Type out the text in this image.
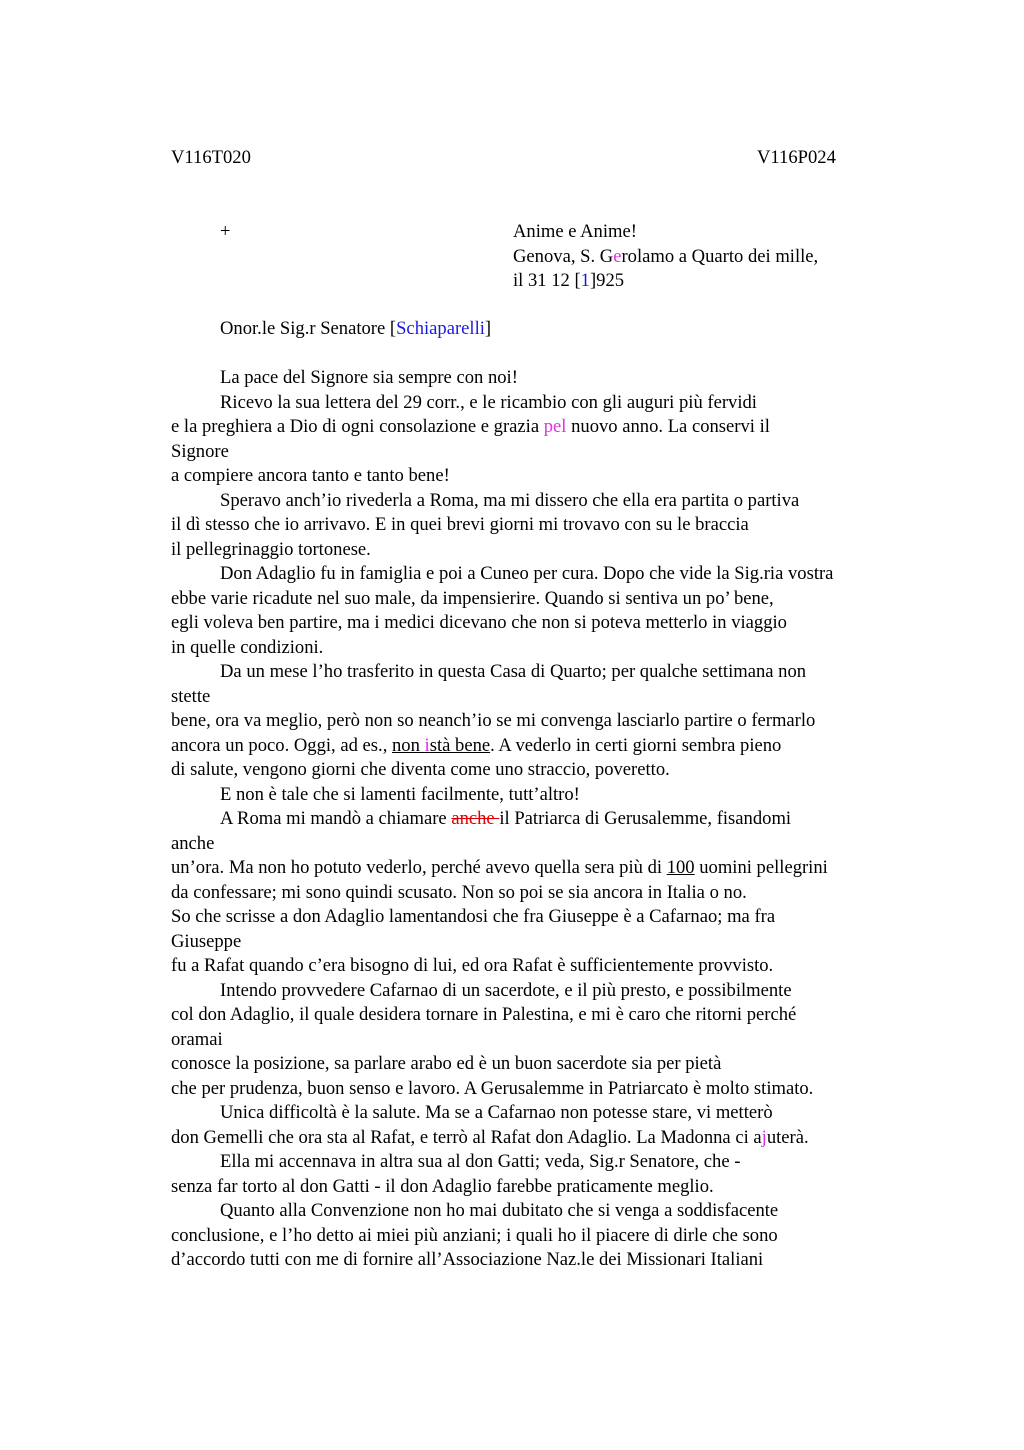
V116T020	V116P024
+	Anime e Anime!
Genova, S. Gerolamo a Quarto dei mille,
il 31 12 [1]925
Onor.le Sig.r Senatore [Schiaparelli]
La pace del Signore sia sempre con noi!
Ricevo la sua lettera del 29 corr., e le ricambio con gli auguri più fervidi
e la preghiera a Dio di ogni consolazione e grazia pel nuovo anno. La conservi il
Signore
a compiere ancora tanto e tanto bene!
Speravo anch’io rivederla a Roma, ma mi dissero che ella era partita o partiva
il dì stesso che io arrivavo. E in quei brevi giorni mi trovavo con su le braccia
il pellegrinaggio tortonese.
Don Adaglio fu in famiglia e poi a Cuneo per cura. Dopo che vide la Sig.ria vostra
ebbe varie ricadute nel suo male, da impensierire. Quando si sentiva un po’ bene,
egli voleva ben partire, ma i medici dicevano che non si poteva metterlo in viaggio
in quelle condizioni.
Da un mese l’ho trasferito in questa Casa di Quarto; per qualche settimana non
stette
bene, ora va meglio, però non so neanch’io se mi convenga lasciarlo partire o fermarlo
ancora un poco. Oggi, ad es., non istà bene. A vederlo in certi giorni sembra pieno
di salute, vengono giorni che diventa come uno straccio, poveretto.
E non è tale che si lamenti facilmente, tutt’altro!
A Roma mi mandò a chiamare anche il Patriarca di Gerusalemme, fisandomi
anche
un’ora. Ma non ho potuto vederlo, perché avevo quella sera più di 100 uomini pellegrini
da confessare; mi sono quindi scusato. Non so poi se sia ancora in Italia o no.
So che scrisse a don Adaglio lamentandosi che fra Giuseppe è a Cafarnao; ma fra
Giuseppe
fu a Rafat quando c’era bisogno di lui, ed ora Rafat è sufficientemente provvisto.
Intendo provvedere Cafarnao di un sacerdote, e il più presto, e possibilmente
col don Adaglio, il quale desidera tornare in Palestina, e mi è caro che ritorni perché
oramai
conosce la posizione, sa parlare arabo ed è un buon sacerdote sia per pietà
che per prudenza, buon senso e lavoro. A Gerusalemme in Patriarcato è molto stimato.
Unica difficoltà è la salute. Ma se a Cafarnao non potesse stare, vi metterò
don Gemelli che ora sta al Rafat, e terrò al Rafat don Adaglio. La Madonna ci ajuterà.
Ella mi accennava in altra sua al don Gatti; veda, Sig.r Senatore, che -
senza far torto al don Gatti - il don Adaglio farebbe praticamente meglio.
Quanto alla Convenzione non ho mai dubitato che si venga a soddisfacente
conclusione, e l’ho detto ai miei più anziani; i quali ho il piacere di dirle che sono
d’accordo tutti con me di fornire all’Associazione Naz.le dei Missionari Italiani
